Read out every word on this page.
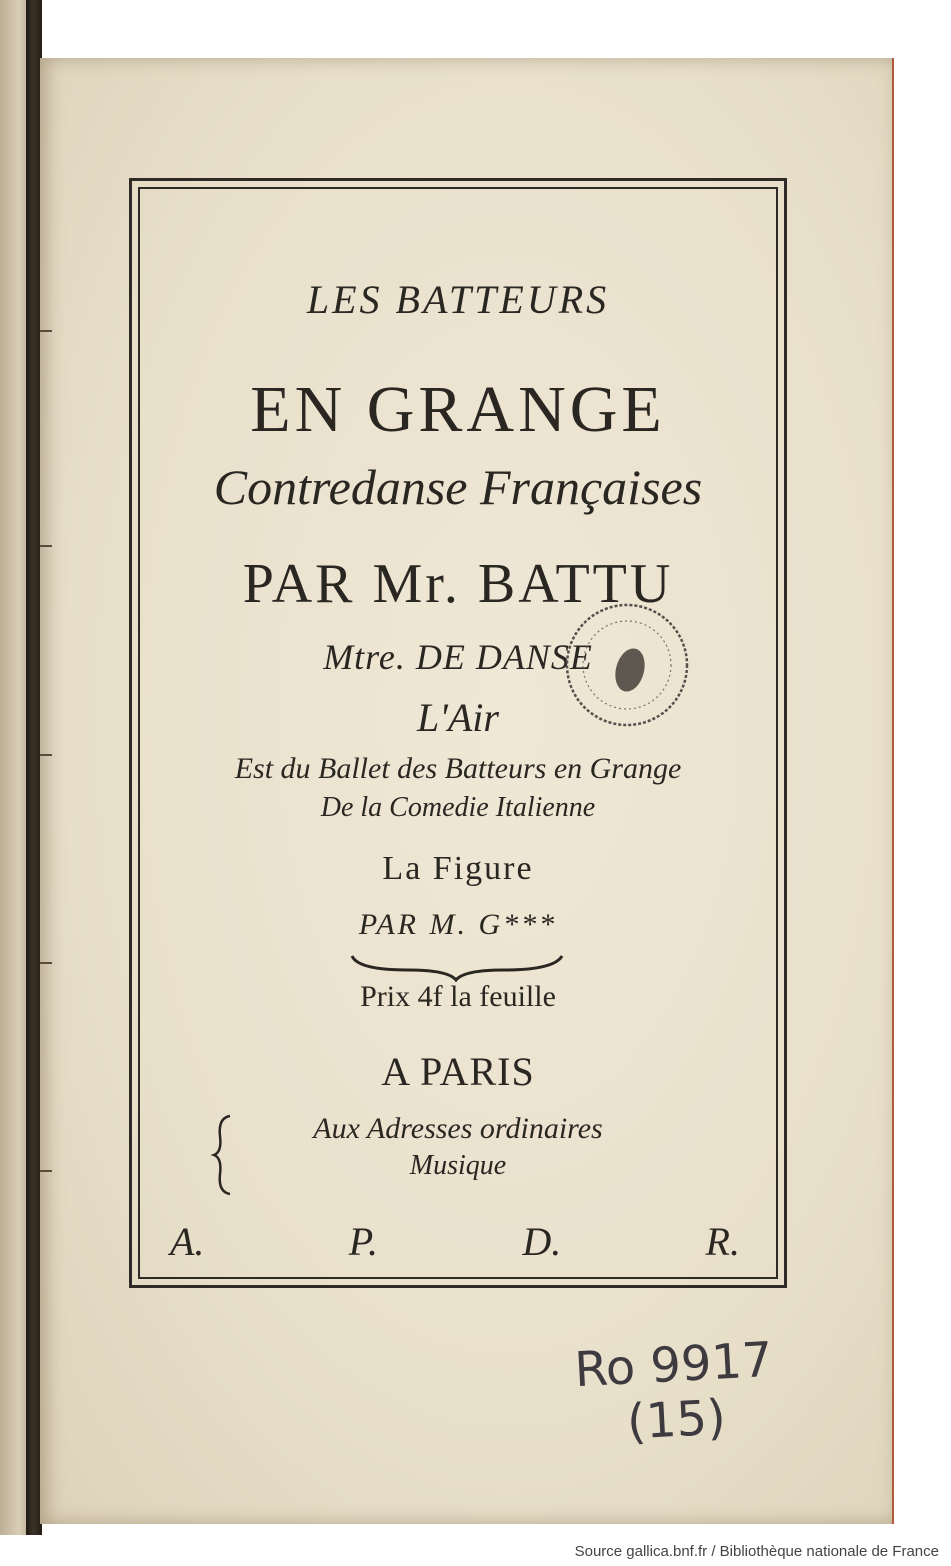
LES BATTEURS
EN GRANGE
Contredanse Françaises
PAR Mr. BATTU
Mtre. DE DANSE
L'Air
Est du Ballet des Batteurs en Grange
De la Comedie Italienne
La Figure
PAR M. G***
Prix 4f la feuille
A PARIS
Aux Adresses ordinaires
Musique
A.	P.	D.	R.
Ro 9917
(15)
Source gallica.bnf.fr / Bibliothèque nationale de France
